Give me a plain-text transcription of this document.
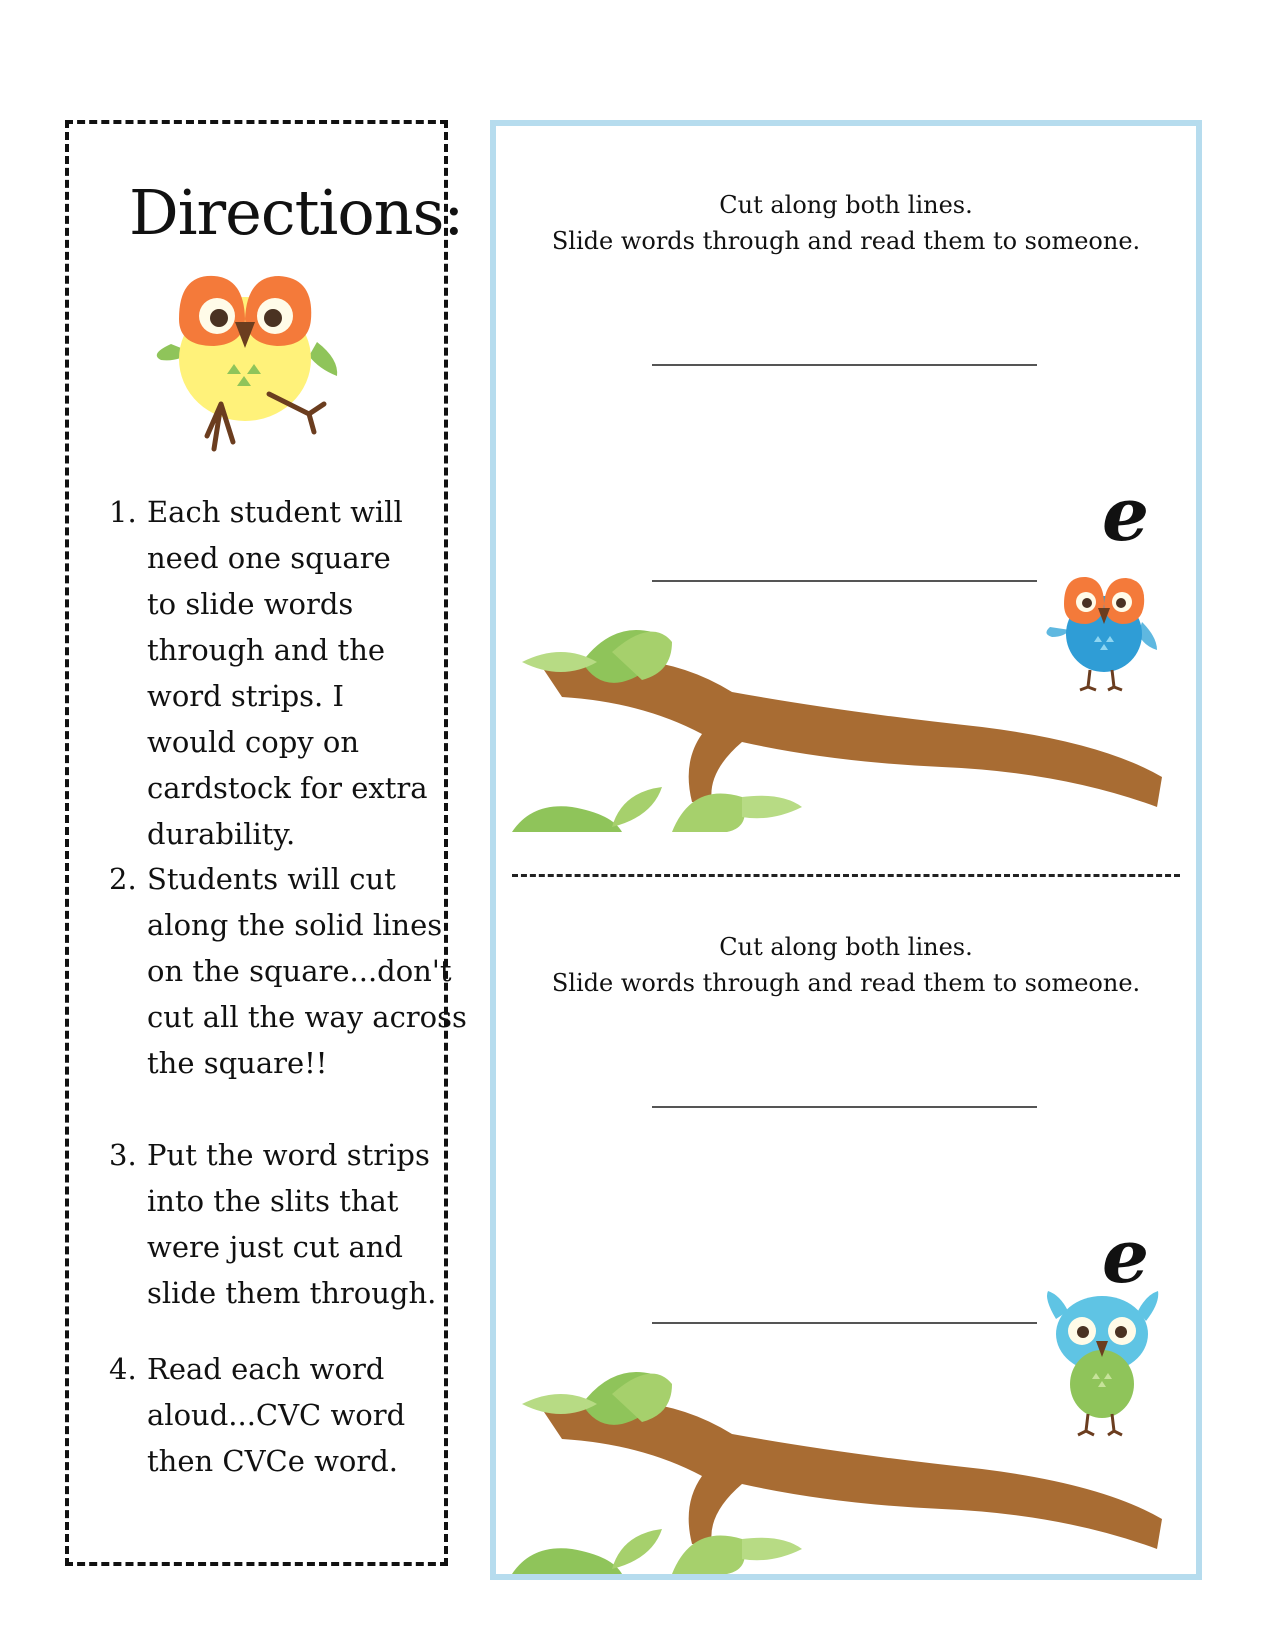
Directions:
1. Each student will need one square to slide words through and the word strips. I would copy on cardstock for extra durability.
2. Students will cut along the solid lines on the square...don't cut all the way across the square!!
3. Put the word strips into the slits that were just cut and slide them through.
4. Read each word aloud...CVC word then CVCe word.
Cut along both lines.
Slide words through and read them to someone.
e
Cut along both lines.
Slide words through and read them to someone.
e
